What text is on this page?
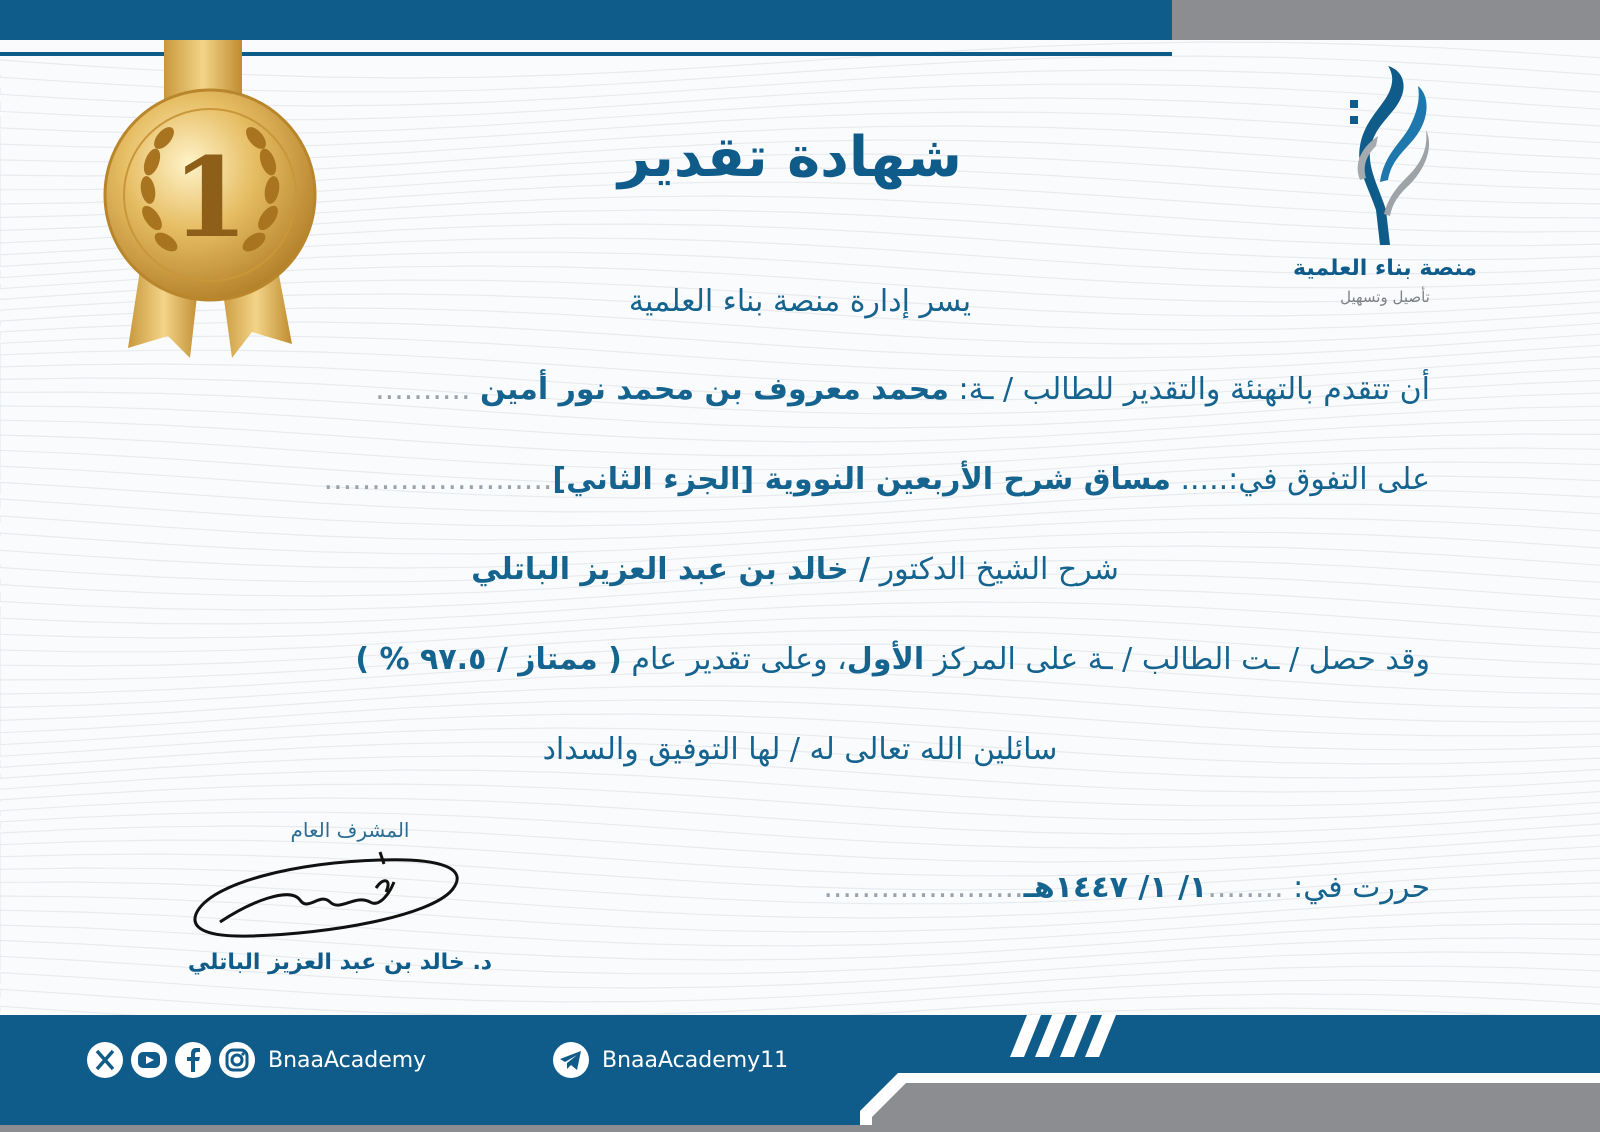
1
منصة بناء العلمية
تأصيل وتسهيل
شهادة تقدير
يسر إدارة منصة بناء العلمية
أن تتقدم بالتهنئة والتقدير للطالب / ـة: محمد معروف بن محمد نور أمين ..........
على التفوق في:..... مساق شرح الأربعين النووية [الجزء الثاني]........................
شرح الشيخ الدكتور / خالد بن عبد العزيز الباتلي
وقد حصل / ـت الطالب / ـة على المركز الأول، وعلى تقدير عام ( ممتاز / ٩٧.٥ % )
سائلين الله تعالى له / لها التوفيق والسداد
المشرف العام
د. خالد بن عبد العزيز الباتلي
حررت في: ........١/ ١/ ١٤٤٧هـ.....................
BnaaAcademy	BnaaAcademy11
